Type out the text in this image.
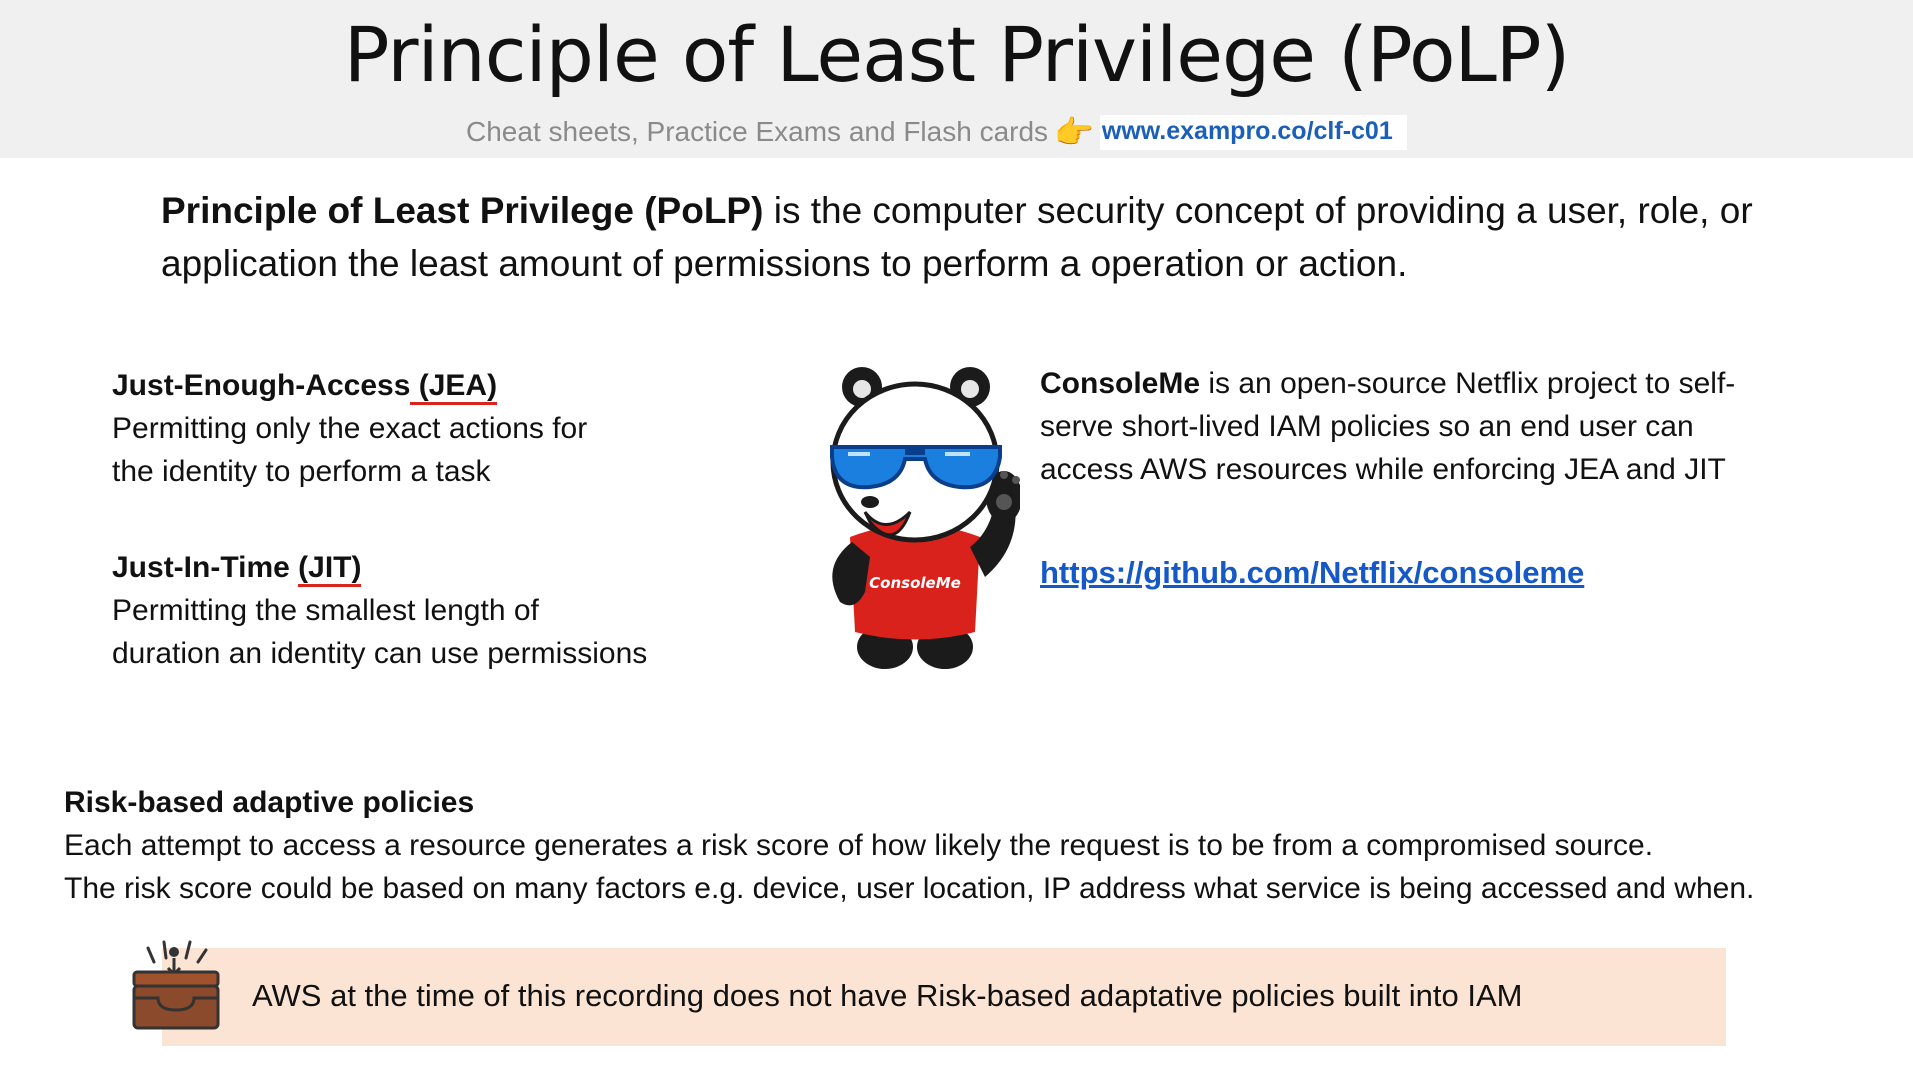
Principle of Least Privilege (PoLP)
Cheat sheets, Practice Exams and Flash cards 👉 www.exampro.co/clf-c01
Principle of Least Privilege (PoLP) is the computer security concept of providing a user, role, or application the least amount of permissions to perform a operation or action.
Just-Enough-Access (JEA)
Permitting only the exact actions for
the identity to perform a task
Just-In-Time (JIT)
Permitting the smallest length of
duration an identity can use permissions
ConsoleMe
ConsoleMe is an open-source Netflix project to self-serve short-lived IAM policies so an end user can access AWS resources while enforcing JEA and JIT
https://github.com/Netflix/consoleme
Risk-based adaptive policies
Each attempt to access a resource generates a risk score of how likely the request is to be from a compromised source.
The risk score could be based on many factors e.g. device, user location, IP address what service is being accessed and when.
AWS at the time of this recording does not have Risk-based adaptative policies built into IAM
